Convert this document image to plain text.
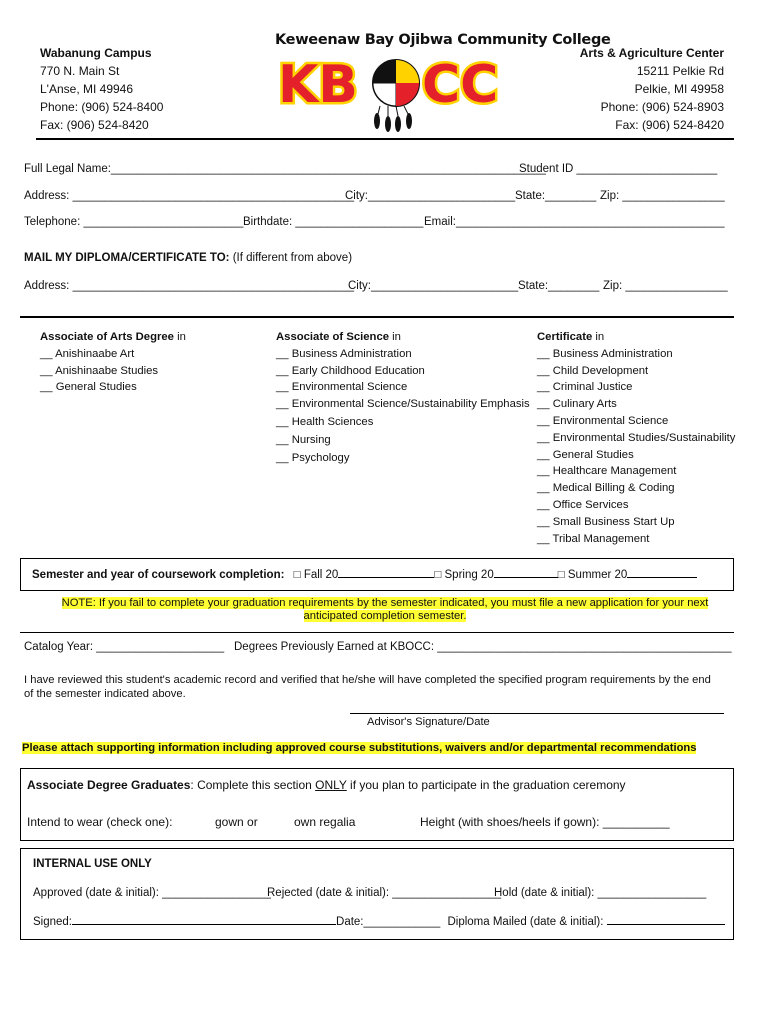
Wabanung Campus
770 N. Main St
L'Anse, MI 49946
Phone: (906) 524-8400
Fax: (906) 524-8420
Keweenaw Bay Ojibwa Community College
KB CC
Arts & Agriculture Center
15211 Pelkie Rd
Pelkie, MI 49958
Phone: (906) 524-8903
Fax: (906) 524-8420
Full Legal Name:____________________________________________________________________
Student ID ______________________
Address: ____________________________________________
City:_______________________ State:________ Zip: ________________
Telephone: _________________________ Birthdate: ____________________ Email:__________________________________________
MAIL MY DIPLOMA/CERTIFICATE TO: (If different from above)
Address: ____________________________________________
City:_______________________ State:________ Zip: ________________
Associate of Arts Degree in
__ Anishinaabe Art
__ Anishinaabe Studies
__ General Studies
Associate of Science in
__ Business Administration
__ Early Childhood Education
__ Environmental Science
__ Environmental Science/Sustainability Emphasis
__ Health Sciences
__ Nursing
__ Psychology
Certificate in
__ Business Administration
__ Child Development
__ Criminal Justice
__ Culinary Arts
__ Environmental Science
__ Environmental Studies/Sustainability
__ General Studies
__ Healthcare Management
__ Medical Billing & Coding
__ Office Services
__ Small Business Start Up
__ Tribal Management
Semester and year of coursework completion: □ Fall 20	□ Spring 20	□ Summer 20
NOTE: If you fail to complete your graduation requirements by the semester indicated, you must file a new application for your next
anticipated completion semester.
Catalog Year: ____________________ Degrees Previously Earned at KBOCC: ______________________________________________
I have reviewed this student's academic record and verified that he/she will have completed the specified program requirements by the end
of the semester indicated above.
Advisor's Signature/Date
Please attach supporting information including approved course substitutions, waivers and/or departmental recommendations
Associate Degree Graduates: Complete this section ONLY if you plan to participate in the graduation ceremony
Intend to wear (check one):	gown or	own regalia	Height (with shoes/heels if gown): __________
INTERNAL USE ONLY
Approved (date & initial): _________________
Rejected (date & initial): _________________
Hold (date & initial): _________________
Signed:	Date:____________ Diploma Mailed (date & initial):
